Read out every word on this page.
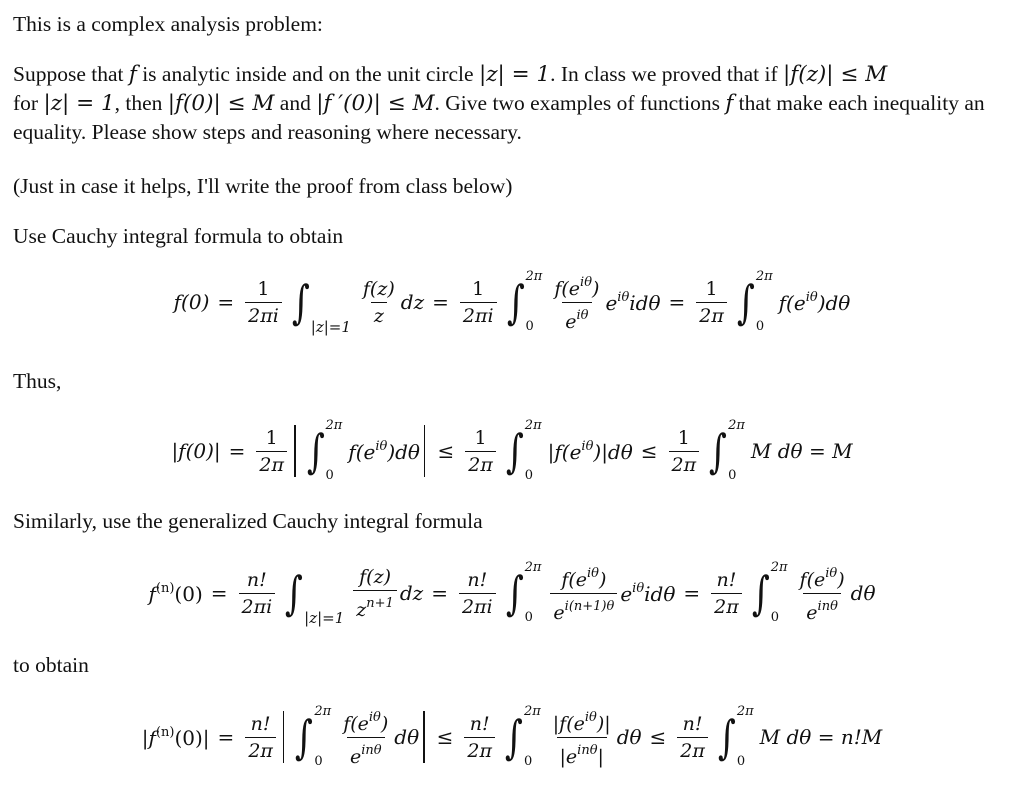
This is a complex analysis problem:

Suppose that f is analytic inside and on the unit circle |z| = 1. In class we proved that if |f(z)| ≤ M
for |z| = 1, then |f(0)| ≤ M and |f ′(0)| ≤ M. Give two examples of functions f that make each inequality an equality. Please show steps and reasoning where necessary.

(Just in case it helps, I'll write the proof from class below)

Use Cauchy integral formula to obtain

$f(0) = \frac{1}{2\pi i}$ ∫
|z|=1
f(z)
z
dz = $\frac{1}{2\pi i}$ ∫ 2π
0
$f(e^{i\theta})$
$e^{i\theta}$
$e^{i\theta}id\theta = \frac{1}{2\pi}$ ∫ 2π
0
$f(e^{i\theta})d\theta$

Thus,

$|f(0)| = \frac{1}{2\pi}$ ∫ 2π
0
$f(e^{i\theta})d\theta \le \frac{1}{2\pi}$ ∫ 2π
0
$|f(e^{i\theta})|d\theta \le \frac{1}{2\pi}$ ∫ 2π
0
M dθ = M

Similarly, use the generalized Cauchy integral formula

$f^{(n)}(0) = \frac{n!}{2\pi i}$ ∫
|z|=1
f(z)
$z^{n+1}$ dz = $\frac{n!}{2\pi i}$ ∫ 2π
0
$f(e^{i\theta})$
$e^{i(n+1)\theta}$
$e^{i\theta}id\theta = \frac{n!}{2\pi}$ ∫ 2π
0
$f(e^{i\theta})$
$e^{in\theta}$
dθ

to obtain

$|f^{(n)}(0)| = \frac{n!}{2\pi}$ ∫ 2π
0
$f(e^{i\theta})$
$e^{in\theta}$
$d\theta \le \frac{n!}{2\pi}$ ∫ 2π
0
$|f(e^{i\theta})|$
$|e^{in\theta}|$
$d\theta \le \frac{n!}{2\pi}$ ∫ 2π
0
M dθ = n!M
